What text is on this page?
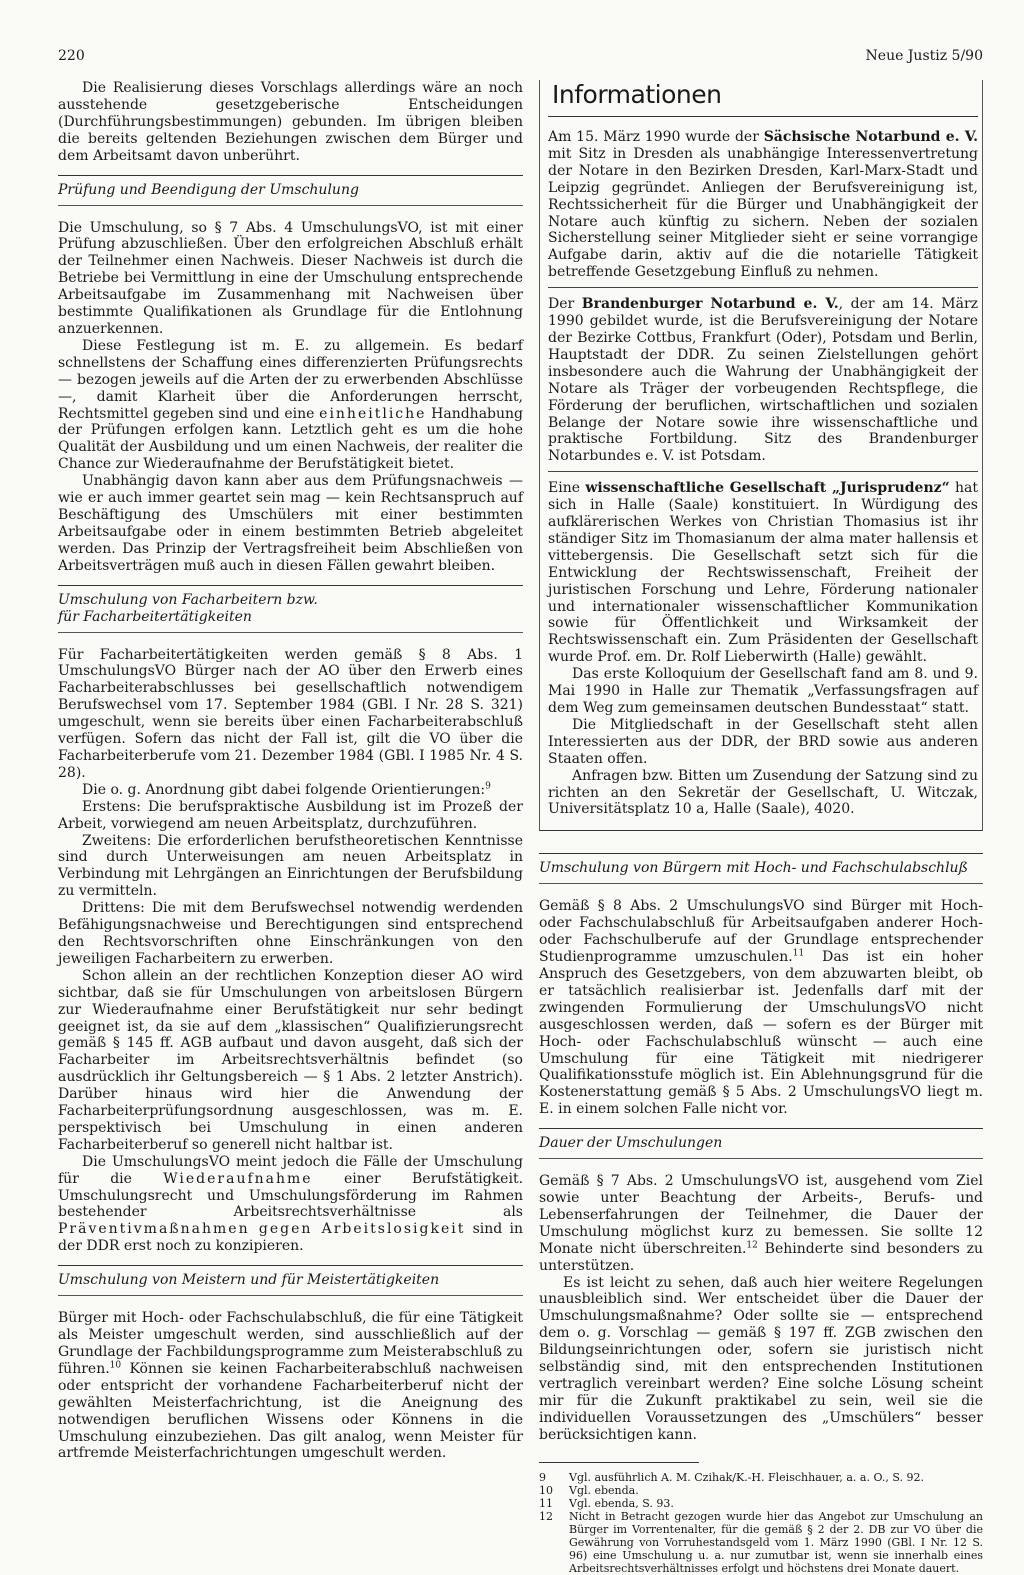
220	Neue Justiz 5/90

Die Realisierung dieses Vorschlags allerdings wäre an noch ausstehende gesetzgeberische Entscheidungen (Durchführungsbestimmungen) gebunden. Im übrigen bleiben die bereits geltenden Beziehungen zwischen dem Bürger und dem Arbeitsamt davon unberührt.

Prüfung und Beendigung der Umschulung

Die Umschulung, so § 7 Abs. 4 UmschulungsVO, ist mit einer Prüfung abzuschließen. Über den erfolgreichen Abschluß erhält der Teilnehmer einen Nachweis. Dieser Nachweis ist durch die Betriebe bei Vermittlung in eine der Umschulung entsprechende Arbeitsaufgabe im Zusammenhang mit Nachweisen über bestimmte Qualifikationen als Grundlage für die Entlohnung anzuerkennen.

Diese Festlegung ist m. E. zu allgemein. Es bedarf schnellstens der Schaffung eines differenzierten Prüfungsrechts — bezogen jeweils auf die Arten der zu erwerbenden Abschlüsse —, damit Klarheit über die Anforderungen herrscht, Rechtsmittel gegeben sind und eine einheitliche Handhabung der Prüfungen erfolgen kann. Letztlich geht es um die hohe Qualität der Ausbildung und um einen Nachweis, der realiter die Chance zur Wiederaufnahme der Berufstätigkeit bietet.

Unabhängig davon kann aber aus dem Prüfungsnachweis — wie er auch immer geartet sein mag — kein Rechtsanspruch auf Beschäftigung des Umschülers mit einer bestimmten Arbeitsaufgabe oder in einem bestimmten Betrieb abgeleitet werden. Das Prinzip der Vertragsfreiheit beim Abschließen von Arbeitsverträgen muß auch in diesen Fällen gewahrt bleiben.

Umschulung von Facharbeitern bzw.
für Facharbeitertätigkeiten

Für Facharbeitertätigkeiten werden gemäß § 8 Abs. 1 UmschulungsVO Bürger nach der AO über den Erwerb eines Facharbeiterabschlusses bei gesellschaftlich notwendigem Berufswechsel vom 17. September 1984 (GBl. I Nr. 28 S. 321) umgeschult, wenn sie bereits über einen Facharbeiterabschluß verfügen. Sofern das nicht der Fall ist, gilt die VO über die Facharbeiterberufe vom 21. Dezember 1984 (GBl. I 1985 Nr. 4 S. 28).

Die o. g. Anordnung gibt dabei folgende Orientierungen:$^9$

Erstens: Die berufspraktische Ausbildung ist im Prozeß der Arbeit, vorwiegend am neuen Arbeitsplatz, durchzuführen.

Zweitens: Die erforderlichen berufstheoretischen Kenntnisse sind durch Unterweisungen am neuen Arbeitsplatz in Verbindung mit Lehrgängen an Einrichtungen der Berufsbildung zu vermitteln.

Drittens: Die mit dem Berufswechsel notwendig werdenden Befähigungsnachweise und Berechtigungen sind entsprechend den Rechtsvorschriften ohne Einschränkungen von den jeweiligen Facharbeitern zu erwerben.

Schon allein an der rechtlichen Konzeption dieser AO wird sichtbar, daß sie für Umschulungen von arbeitslosen Bürgern zur Wiederaufnahme einer Berufstätigkeit nur sehr bedingt geeignet ist, da sie auf dem „klassischen“ Qualifizierungsrecht gemäß § 145 ff. AGB aufbaut und davon ausgeht, daß sich der Facharbeiter im Arbeitsrechtsverhältnis befindet (so ausdrücklich ihr Geltungsbereich — § 1 Abs. 2 letzter Anstrich). Darüber hinaus wird hier die Anwendung der Facharbeiterprüfungsordnung ausgeschlossen, was m. E. perspektivisch bei Umschulung in einen anderen Facharbeiterberuf so generell nicht haltbar ist.

Die UmschulungsVO meint jedoch die Fälle der Umschulung für die Wiederaufnahme einer Berufstätigkeit. Umschulungsrecht und Umschulungsförderung im Rahmen bestehender Arbeitsrechtsverhältnisse als Präventivmaßnahmen gegen Arbeitslosigkeit sind in der DDR erst noch zu konzipieren.

Umschulung von Meistern und für Meistertätigkeiten

Bürger mit Hoch- oder Fachschulabschluß, die für eine Tätigkeit als Meister umgeschult werden, sind ausschließlich auf der Grundlage der Fachbildungsprogramme zum Meisterabschluß zu führen.$^{10}$ Können sie keinen Facharbeiterabschluß nachweisen oder entspricht der vorhandene Facharbeiterberuf nicht der gewählten Meisterfachrichtung, ist die Aneignung des notwendigen beruflichen Wissens oder Könnens in die Umschulung einzubeziehen. Das gilt analog, wenn Meister für artfremde Meisterfachrichtungen umgeschult werden.

Informationen

Am 15. März 1990 wurde der Sächsische Notarbund e. V. mit Sitz in Dresden als unabhängige Interessenvertretung der Notare in den Bezirken Dresden, Karl-Marx-Stadt und Leipzig gegründet. Anliegen der Berufsvereinigung ist, Rechtssicherheit für die Bürger und Unabhängigkeit der Notare auch künftig zu sichern. Neben der sozialen Sicherstellung seiner Mitglieder sieht er seine vorrangige Aufgabe darin, aktiv auf die die notarielle Tätigkeit betreffende Gesetzgebung Einfluß zu nehmen.

Der Brandenburger Notarbund e. V., der am 14. März 1990 gebildet wurde, ist die Berufsvereinigung der Notare der Bezirke Cottbus, Frankfurt (Oder), Potsdam und Berlin, Hauptstadt der DDR. Zu seinen Zielstellungen gehört insbesondere auch die Wahrung der Unabhängigkeit der Notare als Träger der vorbeugenden Rechtspflege, die Förderung der beruflichen, wirtschaftlichen und sozialen Belange der Notare sowie ihre wissenschaftliche und praktische Fortbildung. Sitz des Brandenburger Notarbundes e. V. ist Potsdam.

Eine wissenschaftliche Gesellschaft „Jurisprudenz“ hat sich in Halle (Saale) konstituiert. In Würdigung des aufklärerischen Werkes von Christian Thomasius ist ihr ständiger Sitz im Thomasianum der alma mater hallensis et vittebergensis. Die Gesellschaft setzt sich für die Entwicklung der Rechtswissenschaft, Freiheit der juristischen Forschung und Lehre, Förderung nationaler und internationaler wissenschaftlicher Kommunikation sowie für Öffentlichkeit und Wirksamkeit der Rechtswissenschaft ein. Zum Präsidenten der Gesellschaft wurde Prof. em. Dr. Rolf Lieberwirth (Halle) gewählt.

Das erste Kolloquium der Gesellschaft fand am 8. und 9. Mai 1990 in Halle zur Thematik „Verfassungsfragen auf dem Weg zum gemeinsamen deutschen Bundesstaat“ statt.

Die Mitgliedschaft in der Gesellschaft steht allen Interessierten aus der DDR, der BRD sowie aus anderen Staaten offen.

Anfragen bzw. Bitten um Zusendung der Satzung sind zu richten an den Sekretär der Gesellschaft, U. Witczak, Universitätsplatz 10 a, Halle (Saale), 4020.

Umschulung von Bürgern mit Hoch- und Fachschulabschluß

Gemäß § 8 Abs. 2 UmschulungsVO sind Bürger mit Hoch- oder Fachschulabschluß für Arbeitsaufgaben anderer Hoch- oder Fachschulberufe auf der Grundlage entsprechender Studienprogramme umzuschulen.$^{11}$ Das ist ein hoher Anspruch des Gesetzgebers, von dem abzuwarten bleibt, ob er tatsächlich realisierbar ist. Jedenfalls darf mit der zwingenden Formulierung der UmschulungsVO nicht ausgeschlossen werden, daß — sofern es der Bürger mit Hoch- oder Fachschulabschluß wünscht — auch eine Umschulung für eine Tätigkeit mit niedrigerer Qualifikationsstufe möglich ist. Ein Ablehnungsgrund für die Kostenerstattung gemäß § 5 Abs. 2 UmschulungsVO liegt m. E. in einem solchen Falle nicht vor.

Dauer der Umschulungen

Gemäß § 7 Abs. 2 UmschulungsVO ist, ausgehend vom Ziel sowie unter Beachtung der Arbeits-, Berufs- und Lebenserfahrungen der Teilnehmer, die Dauer der Umschulung möglichst kurz zu bemessen. Sie sollte 12 Monate nicht überschreiten.$^{12}$ Behinderte sind besonders zu unterstützen.

Es ist leicht zu sehen, daß auch hier weitere Regelungen unausbleiblich sind. Wer entscheidet über die Dauer der Umschulungsmaßnahme? Oder sollte sie — entsprechend dem o. g. Vorschlag — gemäß § 197 ff. ZGB zwischen den Bildungseinrichtungen oder, sofern sie juristisch nicht selbständig sind, mit den entsprechenden Institutionen vertraglich vereinbart werden? Eine solche Lösung scheint mir für die Zukunft praktikabel zu sein, weil sie die individuellen Voraussetzungen des „Umschülers“ besser berücksichtigen kann.

9	Vgl. ausführlich A. M. Czihak/K.-H. Fleischhauer, a. a. O., S. 92.
10	Vgl. ebenda.
11	Vgl. ebenda, S. 93.
12	Nicht in Betracht gezogen wurde hier das Angebot zur Umschulung an Bürger im Vorrentenalter, für die gemäß § 2 der 2. DB zur VO über die Gewährung von Vorruhestandsgeld vom 1. März 1990 (GBl. I Nr. 12 S. 96) eine Umschulung u. a. nur zumutbar ist, wenn sie innerhalb eines Arbeitsrechtsverhältnisses erfolgt und höchstens drei Monate dauert.
